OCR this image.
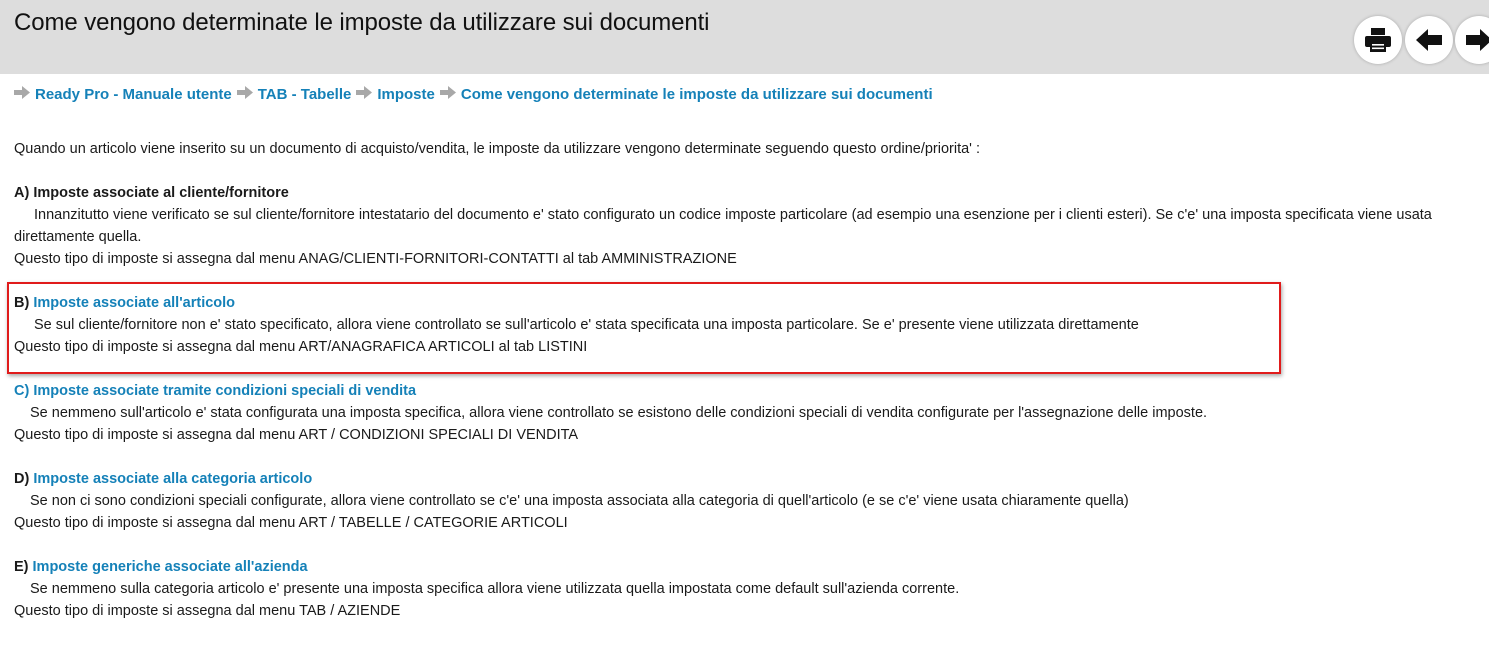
Come vengono determinate le imposte da utilizzare sui documenti
Ready Pro - Manuale utente TAB - Tabelle Imposte Come vengono determinate le imposte da utilizzare sui documenti

Quando un articolo viene inserito su un documento di acquisto/vendita, le imposte da utilizzare vengono determinate seguendo questo ordine/priorita' :

A) Imposte associate al cliente/fornitore

Innanzitutto viene verificato se sul cliente/fornitore intestatario del documento e' stato configurato un codice imposte particolare (ad esempio una esenzione per i clienti esteri). Se c'e' una imposta specificata viene usata direttamente quella.

Questo tipo di imposte si assegna dal menu ANAG/CLIENTI-FORNITORI-CONTATTI al tab AMMINISTRAZIONE

B) Imposte associate all'articolo

Se sul cliente/fornitore non e' stato specificato, allora viene controllato se sull'articolo e' stata specificata una imposta particolare. Se e' presente viene utilizzata direttamente

Questo tipo di imposte si assegna dal menu ART/ANAGRAFICA ARTICOLI al tab LISTINI

C) Imposte associate tramite condizioni speciali di vendita

Se nemmeno sull'articolo e' stata configurata una imposta specifica, allora viene controllato se esistono delle condizioni speciali di vendita configurate per l'assegnazione delle imposte.

Questo tipo di imposte si assegna dal menu ART / CONDIZIONI SPECIALI DI VENDITA

D) Imposte associate alla categoria articolo

Se non ci sono condizioni speciali configurate, allora viene controllato se c'e' una imposta associata alla categoria di quell'articolo (e se c'e' viene usata chiaramente quella)

Questo tipo di imposte si assegna dal menu ART / TABELLE / CATEGORIE ARTICOLI

E) Imposte generiche associate all'azienda

Se nemmeno sulla categoria articolo e' presente una imposta specifica allora viene utilizzata quella impostata come default sull'azienda corrente.

Questo tipo di imposte si assegna dal menu TAB / AZIENDE
